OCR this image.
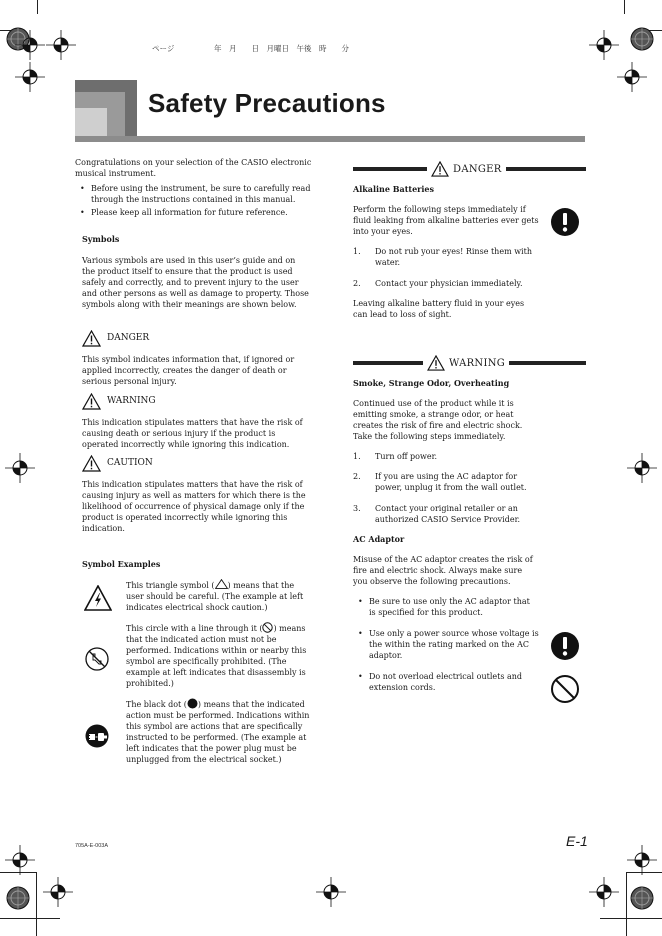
ページ	年　月　　日　月曜日　午後　時　　分
Safety Precautions
Congratulations on your selection of the CASIO electronic musical instrument.
• Before using the instrument, be sure to carefully read through the instructions contained in this manual.
• Please keep all information for future reference.
Symbols
Various symbols are used in this user’s guide and on the product itself to ensure that the product is used safely and correctly, and to prevent injury to the user and other persons as well as damage to property. Those symbols along with their meanings are shown below.
DANGER
This symbol indicates information that, if ignored or applied incorrectly, creates the danger of death or serious personal injury.
WARNING
This indication stipulates matters that have the risk of causing death or serious injury if the product is operated incorrectly while ignoring this indication.
CAUTION
This indication stipulates matters that have the risk of causing injury as well as matters for which there is the likelihood of occurrence of physical damage only if the product is operated incorrectly while ignoring this indication.
Symbol Examples
This triangle symbol ( ) means that the user should be careful. (The example at left indicates electrical shock caution.)
This circle with a line through it ( ) means that the indicated action must not be performed. Indications within or nearby this symbol are specifically prohibited. (The example at left indicates that disassembly is prohibited.)
The black dot ( ) means that the indicated action must be performed. Indications within this symbol are actions that are specifically instructed to be performed. (The example at left indicates that the power plug must be unplugged from the electrical socket.)
DANGER
Alkaline Batteries
Perform the following steps immediately if fluid leaking from alkaline batteries ever gets into your eyes.
1.	Do not rub your eyes! Rinse them with water.
2.	Contact your physician immediately.
Leaving alkaline battery fluid in your eyes can lead to loss of sight.
WARNING
Smoke, Strange Odor, Overheating
Continued use of the product while it is emitting smoke, a strange odor, or heat creates the risk of fire and electric shock. Take the following steps immediately.
1.	Turn off power.
2.	If you are using the AC adaptor for power, unplug it from the wall outlet.
3.	Contact your original retailer or an authorized CASIO Service Provider.
AC Adaptor
Misuse of the AC adaptor creates the risk of fire and electric shock. Always make sure you observe the following precautions.
• Be sure to use only the AC adaptor that is specified for this product.
• Use only a power source whose voltage is the within the rating marked on the AC adaptor.
• Do not overload electrical outlets and extension cords.
705A-E-003A	E-1
